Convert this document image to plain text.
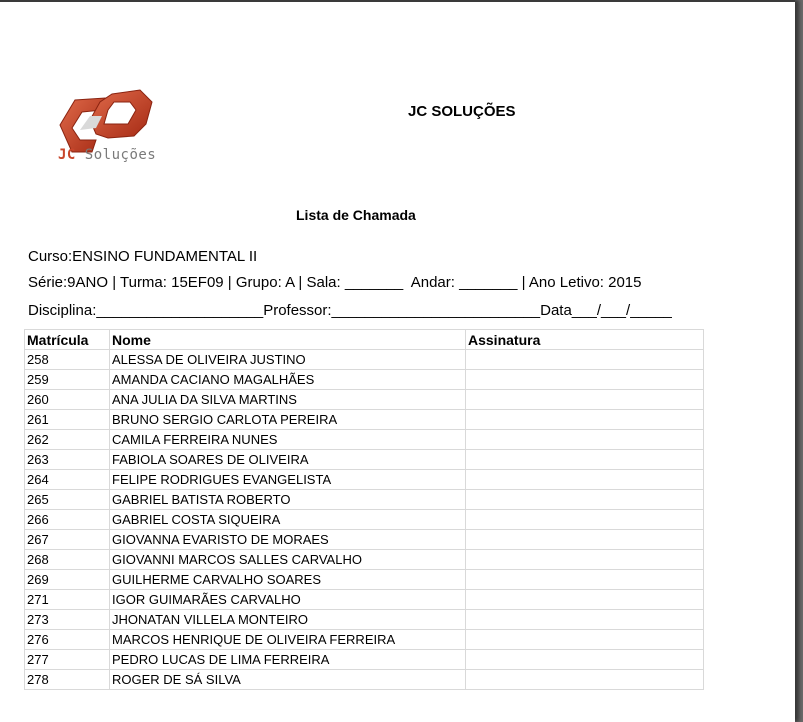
JC Soluções
JC SOLUÇÕES
Lista de Chamada
Curso:ENSINO FUNDAMENTAL II
Série:9ANO | Turma: 15EF09 | Grupo: A | Sala: _______  Andar: _______ | Ano Letivo: 2015
Disciplina:____________________Professor:_________________________Data___/___/_____
Matrícula	Nome	Assinatura
258	ALESSA DE OLIVEIRA JUSTINO	
259	AMANDA CACIANO MAGALHÃES	
260	ANA JULIA DA SILVA MARTINS	
261	BRUNO SERGIO CARLOTA PEREIRA	
262	CAMILA FERREIRA NUNES	
263	FABIOLA SOARES DE OLIVEIRA	
264	FELIPE RODRIGUES EVANGELISTA	
265	GABRIEL BATISTA ROBERTO	
266	GABRIEL COSTA SIQUEIRA	
267	GIOVANNA EVARISTO DE MORAES	
268	GIOVANNI MARCOS SALLES CARVALHO	
269	GUILHERME CARVALHO SOARES	
271	IGOR GUIMARÃES CARVALHO	
273	JHONATAN VILLELA MONTEIRO	
276	MARCOS HENRIQUE DE OLIVEIRA FERREIRA	
277	PEDRO LUCAS DE LIMA FERREIRA	
278	ROGER DE SÁ SILVA	
